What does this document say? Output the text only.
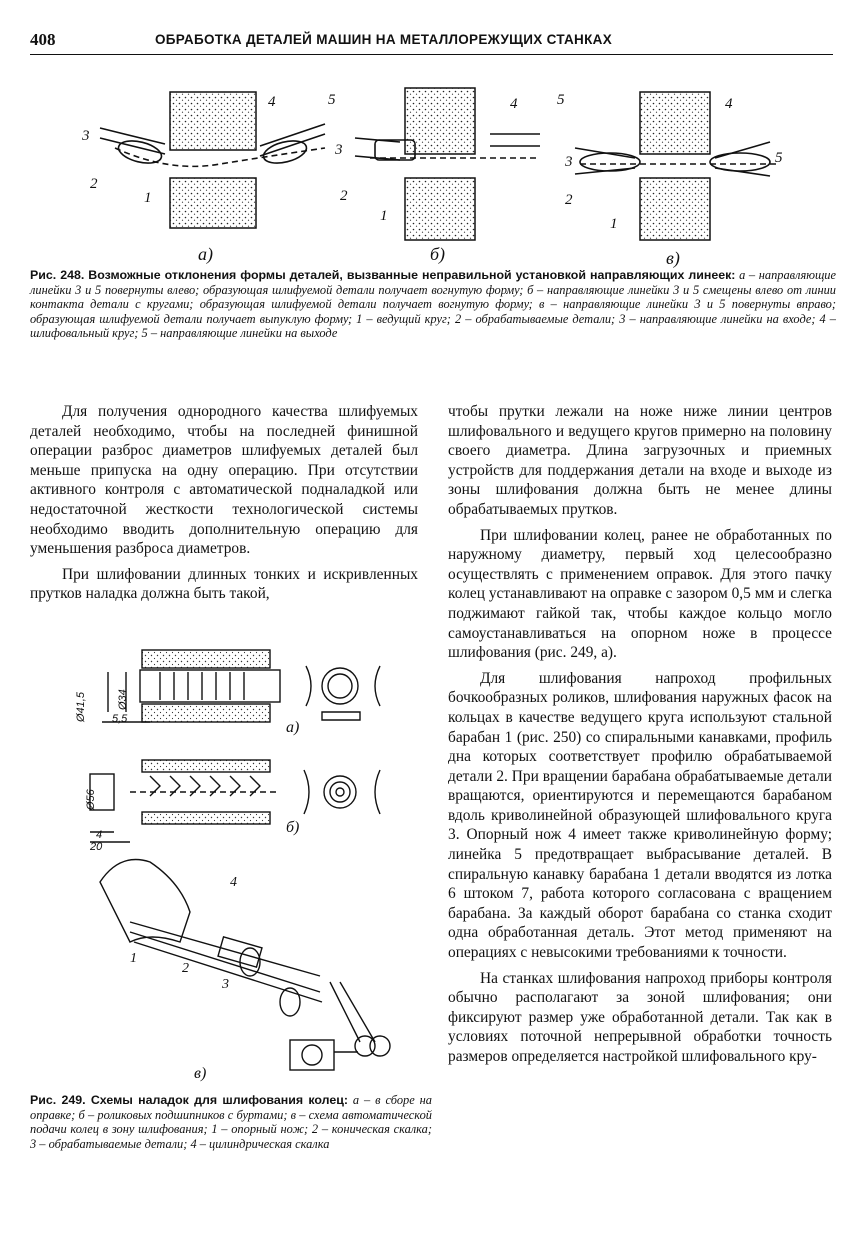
408	ОБРАБОТКА ДЕТАЛЕЙ МАШИН НА МЕТАЛЛОРЕЖУЩИХ СТАНКАХ
4	5
3
2
1
4	5
3
2
1
4
5
3
2
1
а)	б)	в)
Рис. 248. Возможные отклонения формы деталей, вызванные неправильной установкой направляющих линеек: а – направляющие линейки 3 и 5 повернуты влево; образующая шлифуемой детали получает вогнутую форму; б – направляющие линейки 3 и 5 смещены влево от линии контакта детали с кругами; образующая шлифуемой детали получает вогнутую форму; в – направляющие линейки 3 и 5 повернуты вправо; образующая шлифуемой детали получает выпуклую форму; 1 – ведущий круг; 2 – обрабатываемые детали; 3 – направляющие линейки на входе; 4 – шлифовальный круг; 5 – направляющие линейки на выходе

Для получения однородного качества шлифуемых деталей необходимо, чтобы на последней финишной операции разброс диаметров шлифуемых деталей был меньше припуска на одну операцию. При отсутствии активного контроля с автоматической подналадкой или недостаточной жесткости технологической системы необходимо вводить дополнительную операцию для уменьшения разброса диаметров.

При шлифовании длинных тонких и искривленных прутков наладка должна быть такой,

Ø41,5	Ø34
5,5
Ø56
4
20
4
1
2
3
а)
б)
в)
Рис. 249. Схемы наладок для шлифования колец: а – в сборе на оправке; б – роликовых подшипников с буртами; в – схема автоматической подачи колец в зону шлифования; 1 – опорный нож; 2 – коническая скалка; 3 – обрабатываемые детали; 4 – цилиндрическая скалка

чтобы прутки лежали на ноже ниже линии центров шлифовального и ведущего кругов примерно на половину своего диаметра. Длина загрузочных и приемных устройств для поддержания детали на входе и выходе из зоны шлифования должна быть не менее длины обрабатываемых прутков.

При шлифовании колец, ранее не обработанных по наружному диаметру, первый ход целесообразно осуществлять с применением оправок. Для этого пачку колец устанавливают на оправке с зазором 0,5 мм и слегка поджимают гайкой так, чтобы каждое кольцо могло самоустанавливаться на опорном ноже в процессе шлифования (рис. 249, а).

Для шлифования напроход профильных бочкообразных роликов, шлифования наружных фасок на кольцах в качестве ведущего круга используют стальной барабан 1 (рис. 250) со спиральными канавками, профиль дна которых соответствует профилю обрабатываемой детали 2. При вращении барабана обрабатываемые детали вращаются, ориентируются и перемещаются барабаном вдоль криволинейной образующей шлифовального круга 3. Опорный нож 4 имеет также криволинейную форму; линейка 5 предотвращает выбрасывание деталей. В спиральную канавку барабана 1 детали вводятся из лотка 6 штоком 7, работа которого согласована с вращением барабана. За каждый оборот барабана со станка сходит одна обработанная деталь. Этот метод применяют на операциях с невысокими требованиями к точности.

На станках шлифования напроход приборы контроля обычно располагают за зоной шлифования; они фиксируют размер уже обработанной детали. Так как в условиях поточной непрерывной обработки точность размеров определяется настройкой шлифовального кру-
